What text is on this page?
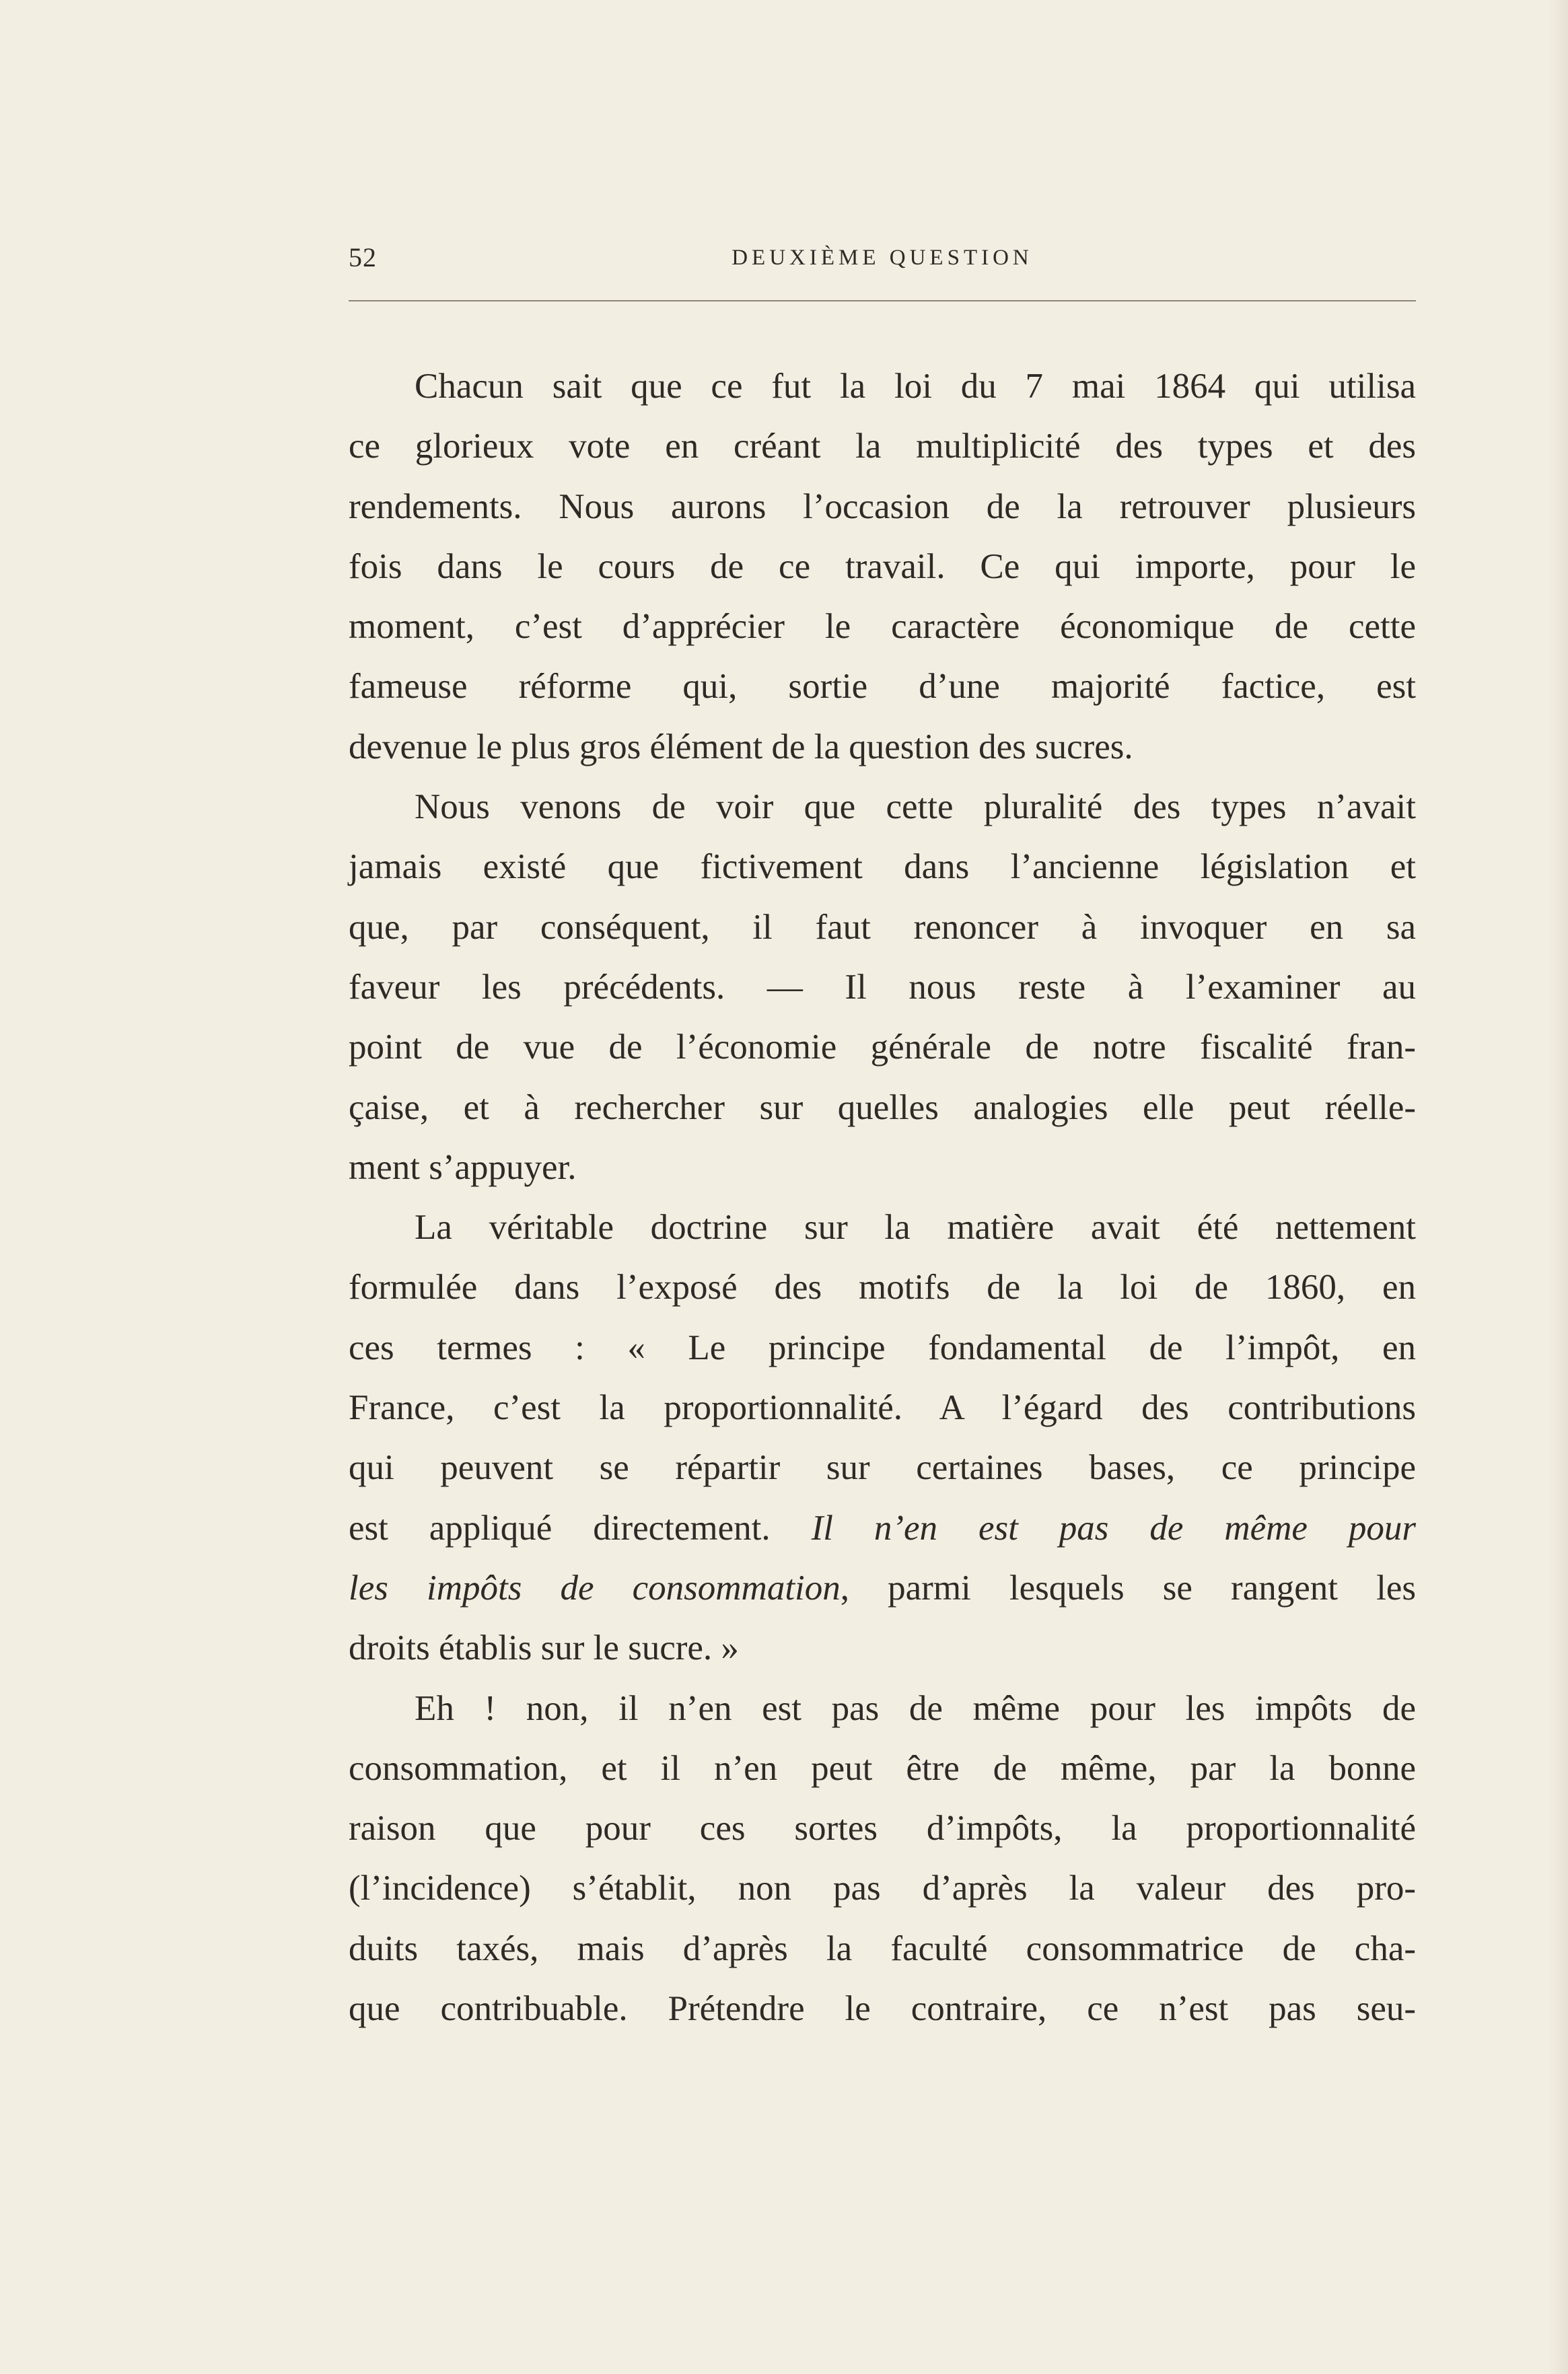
52	DEUXIÈME QUESTION
Chacun sait que ce fut la loi du 7 mai 1864 qui utilisa
ce glorieux vote en créant la multiplicité des types et des
rendements. Nous aurons l’occasion de la retrouver plusieurs
fois dans le cours de ce travail. Ce qui importe, pour le
moment, c’est d’apprécier le caractère économique de cette
fameuse réforme qui, sortie d’une majorité factice, est
devenue le plus gros élément de la question des sucres.
Nous venons de voir que cette pluralité des types n’avait
jamais existé que fictivement dans l’ancienne législation et
que, par conséquent, il faut renoncer à invoquer en sa
faveur les précédents. — Il nous reste à l’examiner au
point de vue de l’économie générale de notre fiscalité fran-
çaise, et à rechercher sur quelles analogies elle peut réelle-
ment s’appuyer.
La véritable doctrine sur la matière avait été nettement
formulée dans l’exposé des motifs de la loi de 1860, en
ces termes : « Le principe fondamental de l’impôt, en
France, c’est la proportionnalité. A l’égard des contributions
qui peuvent se répartir sur certaines bases, ce principe
est appliqué directement. Il n’en est pas de même pour
les impôts de consommation, parmi lesquels se rangent les
droits établis sur le sucre. »
Eh ! non, il n’en est pas de même pour les impôts de
consommation, et il n’en peut être de même, par la bonne
raison que pour ces sortes d’impôts, la proportionnalité
(l’incidence) s’établit, non pas d’après la valeur des pro-
duits taxés, mais d’après la faculté consommatrice de cha-
que contribuable. Prétendre le contraire, ce n’est pas seu-
